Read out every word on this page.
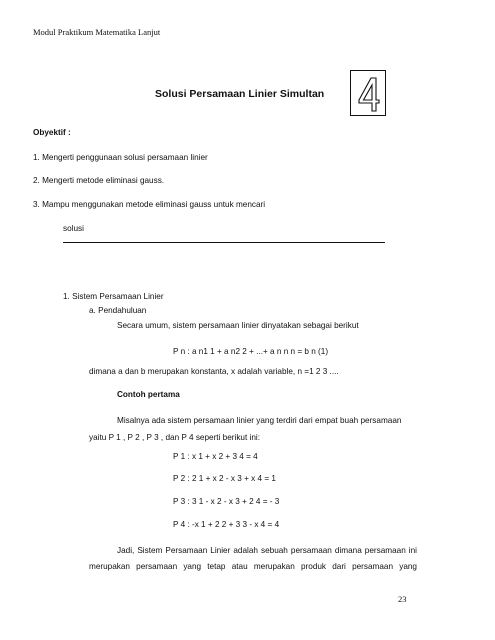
Modul Praktikum Matematika Lanjut
Solusi Persamaan Linier Simultan
Obyektif :
1. Mengerti penggunaan solusi persamaan linier
2. Mengerti metode eliminasi gauss.
3. Mampu menggunakan metode eliminasi gauss untuk mencari
solusi
1. Sistem Persamaan Linier
a. Pendahuluan
Secara umum, sistem persamaan linier dinyatakan sebagai berikut
P n : a n1 1 + a n2 2 + ...+ a n n n = b n (1)
dimana a dan b merupakan konstanta, x adalah variable, n =1 2 3 ....
Contoh pertama
Misalnya ada sistem persamaan linier yang terdiri dari empat buah persamaan
yaitu P 1 , P 2 , P 3 , dan P 4 seperti berikut ini:
P 1 : x 1 + x 2 + 3 4 = 4
P 2 : 2 1 + x 2 - x 3 + x 4 = 1
P 3 : 3 1 - x 2 - x 3 + 2 4 = - 3
P 4 : -x 1 + 2 2 + 3 3 - x 4 = 4
Jadi, Sistem Persamaan Linier adalah sebuah persamaan dimana persamaan ini
merupakan persamaan yang tetap atau merupakan produk dari persamaan yang
23
